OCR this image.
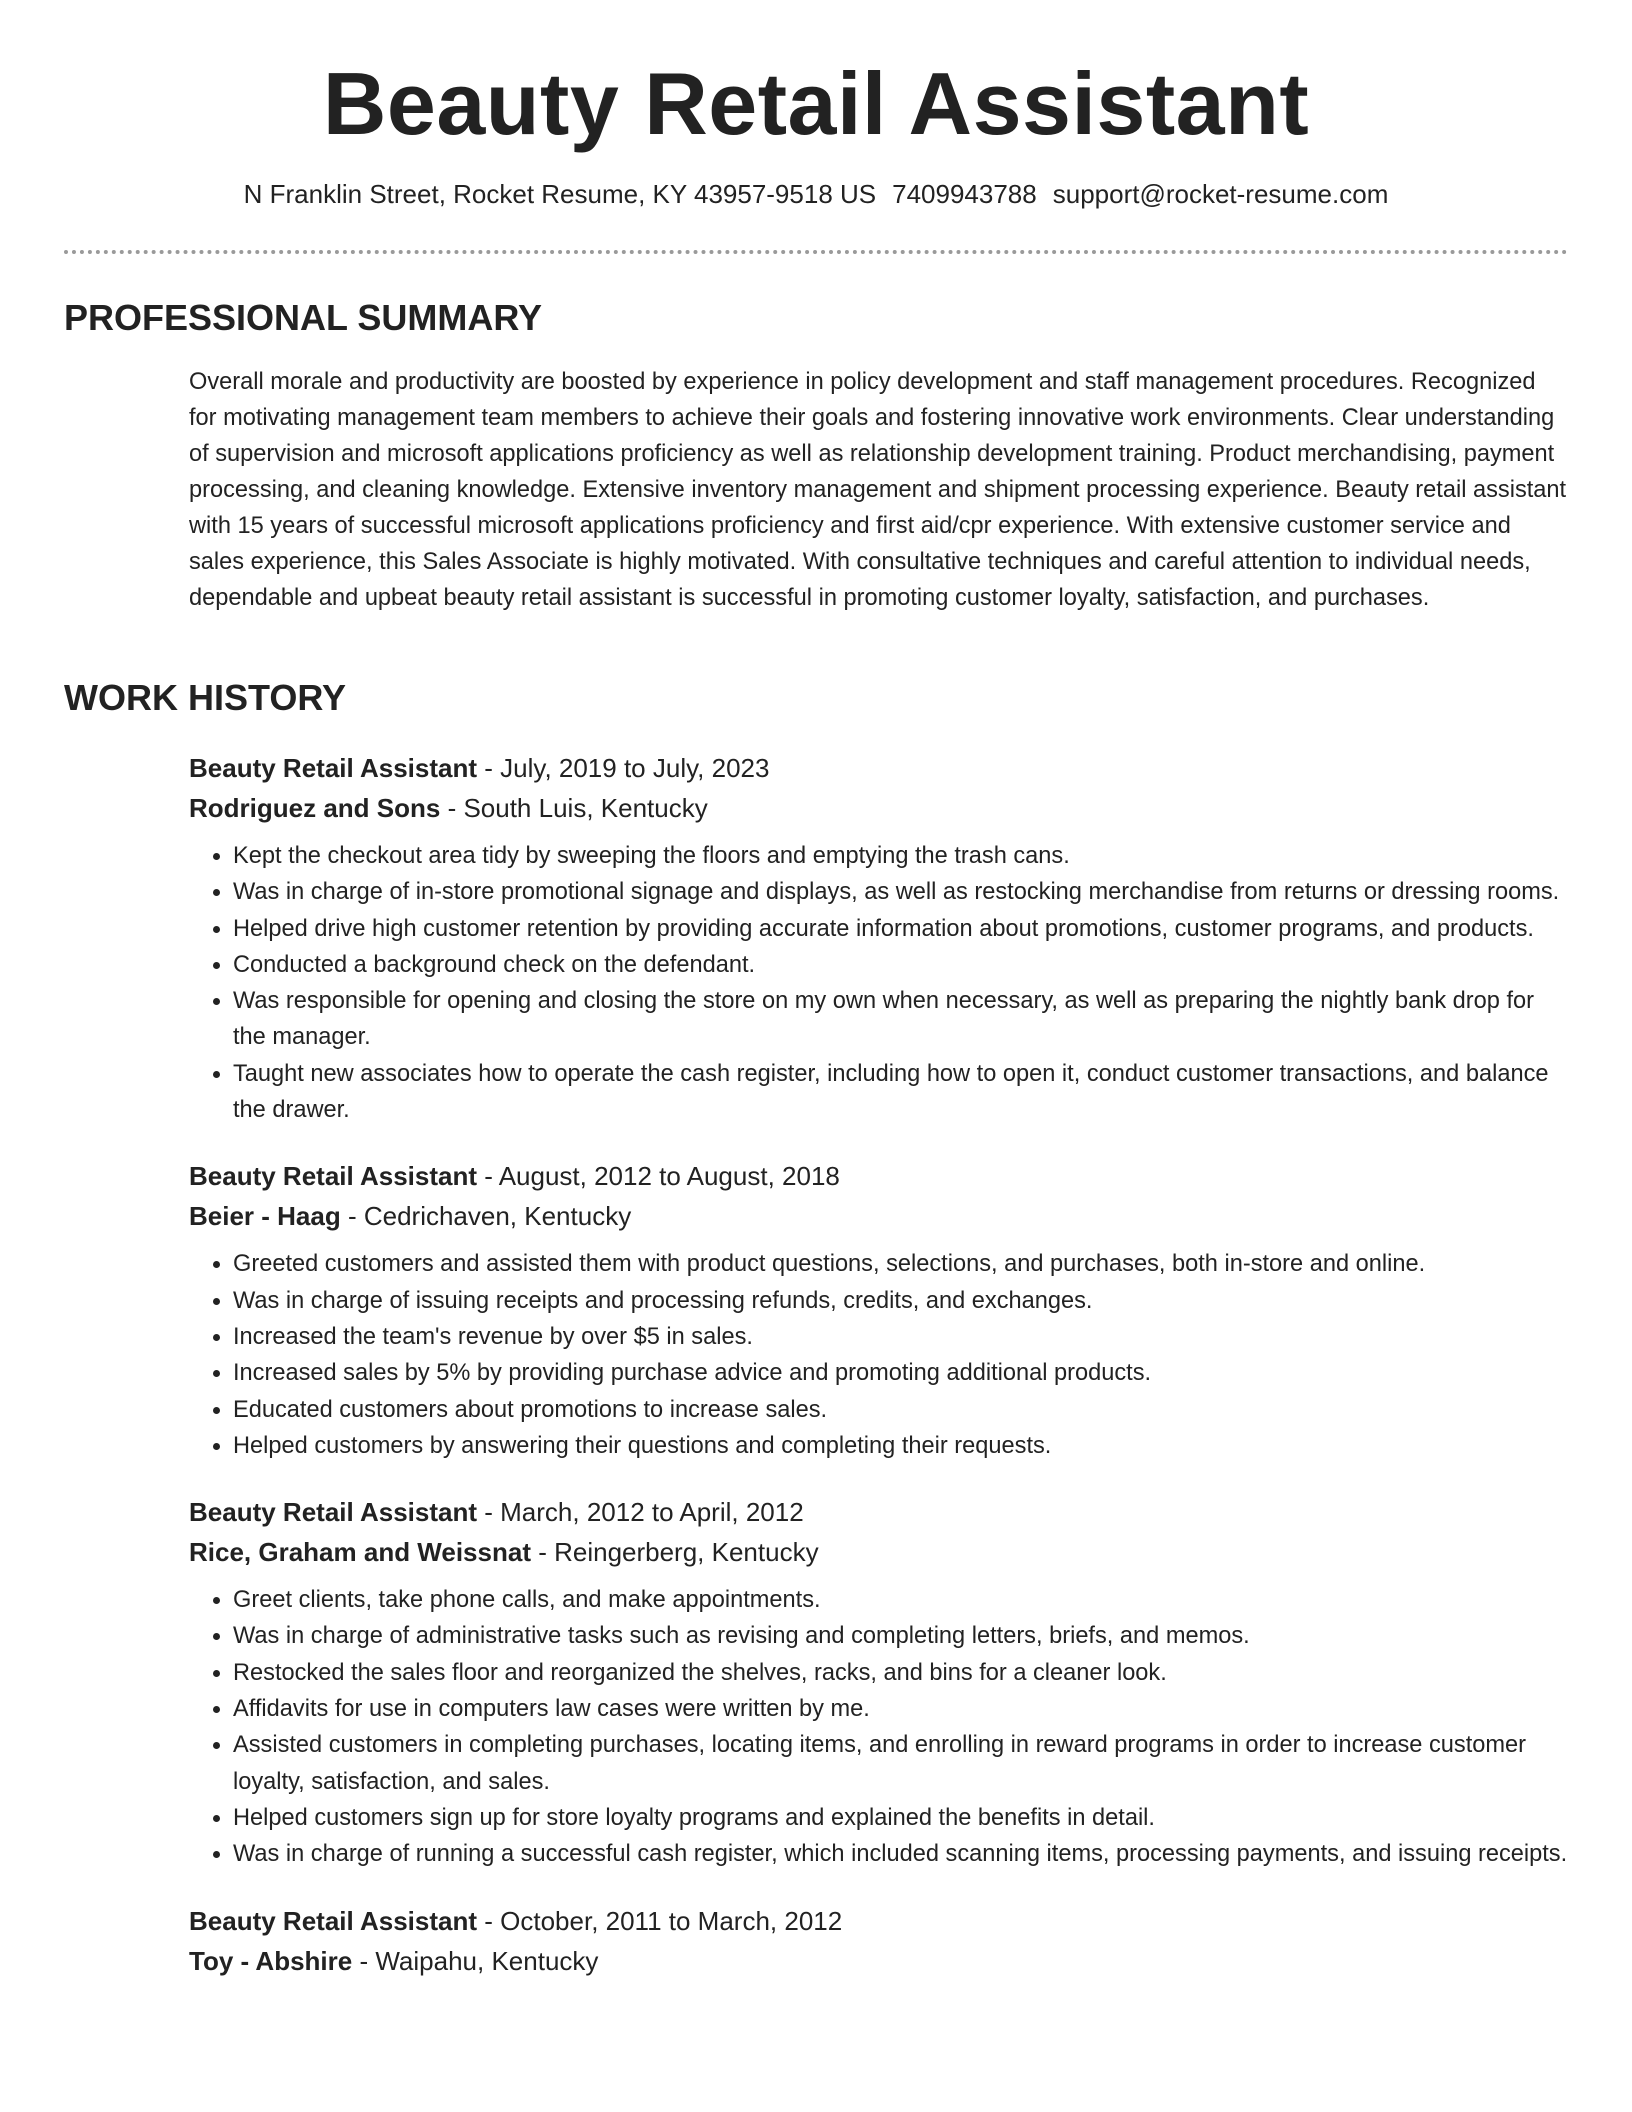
Beauty Retail Assistant
N Franklin Street, Rocket Resume, KY 43957-9518 US 7409943788 support@rocket-resume.com
PROFESSIONAL SUMMARY

Overall morale and productivity are boosted by experience in policy development and staff management procedures. Recognized for motivating management team members to achieve their goals and fostering innovative work environments. Clear understanding of supervision and microsoft applications proficiency as well as relationship development training. Product merchandising, payment processing, and cleaning knowledge. Extensive inventory management and shipment processing experience. Beauty retail assistant with 15 years of successful microsoft applications proficiency and first aid/cpr experience. With extensive customer service and sales experience, this Sales Associate is highly motivated. With consultative techniques and careful attention to individual needs, dependable and upbeat beauty retail assistant is successful in promoting customer loyalty, satisfaction, and purchases.

WORK HISTORY
Beauty Retail Assistant - July, 2019 to July, 2023
Rodriguez and Sons - South Luis, Kentucky
• Kept the checkout area tidy by sweeping the floors and emptying the trash cans.
• Was in charge of in-store promotional signage and displays, as well as restocking merchandise from returns or dressing rooms.
• Helped drive high customer retention by providing accurate information about promotions, customer programs, and products.
• Conducted a background check on the defendant.
• Was responsible for opening and closing the store on my own when necessary, as well as preparing the nightly bank drop for the manager.
• Taught new associates how to operate the cash register, including how to open it, conduct customer transactions, and balance the drawer.
Beauty Retail Assistant - August, 2012 to August, 2018
Beier - Haag - Cedrichaven, Kentucky
• Greeted customers and assisted them with product questions, selections, and purchases, both in-store and online.
• Was in charge of issuing receipts and processing refunds, credits, and exchanges.
• Increased the team's revenue by over $5 in sales.
• Increased sales by 5% by providing purchase advice and promoting additional products.
• Educated customers about promotions to increase sales.
• Helped customers by answering their questions and completing their requests.
Beauty Retail Assistant - March, 2012 to April, 2012
Rice, Graham and Weissnat - Reingerberg, Kentucky
• Greet clients, take phone calls, and make appointments.
• Was in charge of administrative tasks such as revising and completing letters, briefs, and memos.
• Restocked the sales floor and reorganized the shelves, racks, and bins for a cleaner look.
• Affidavits for use in computers law cases were written by me.
• Assisted customers in completing purchases, locating items, and enrolling in reward programs in order to increase customer loyalty, satisfaction, and sales.
• Helped customers sign up for store loyalty programs and explained the benefits in detail.
• Was in charge of running a successful cash register, which included scanning items, processing payments, and issuing receipts.
Beauty Retail Assistant - October, 2011 to March, 2012
Toy - Abshire - Waipahu, Kentucky
